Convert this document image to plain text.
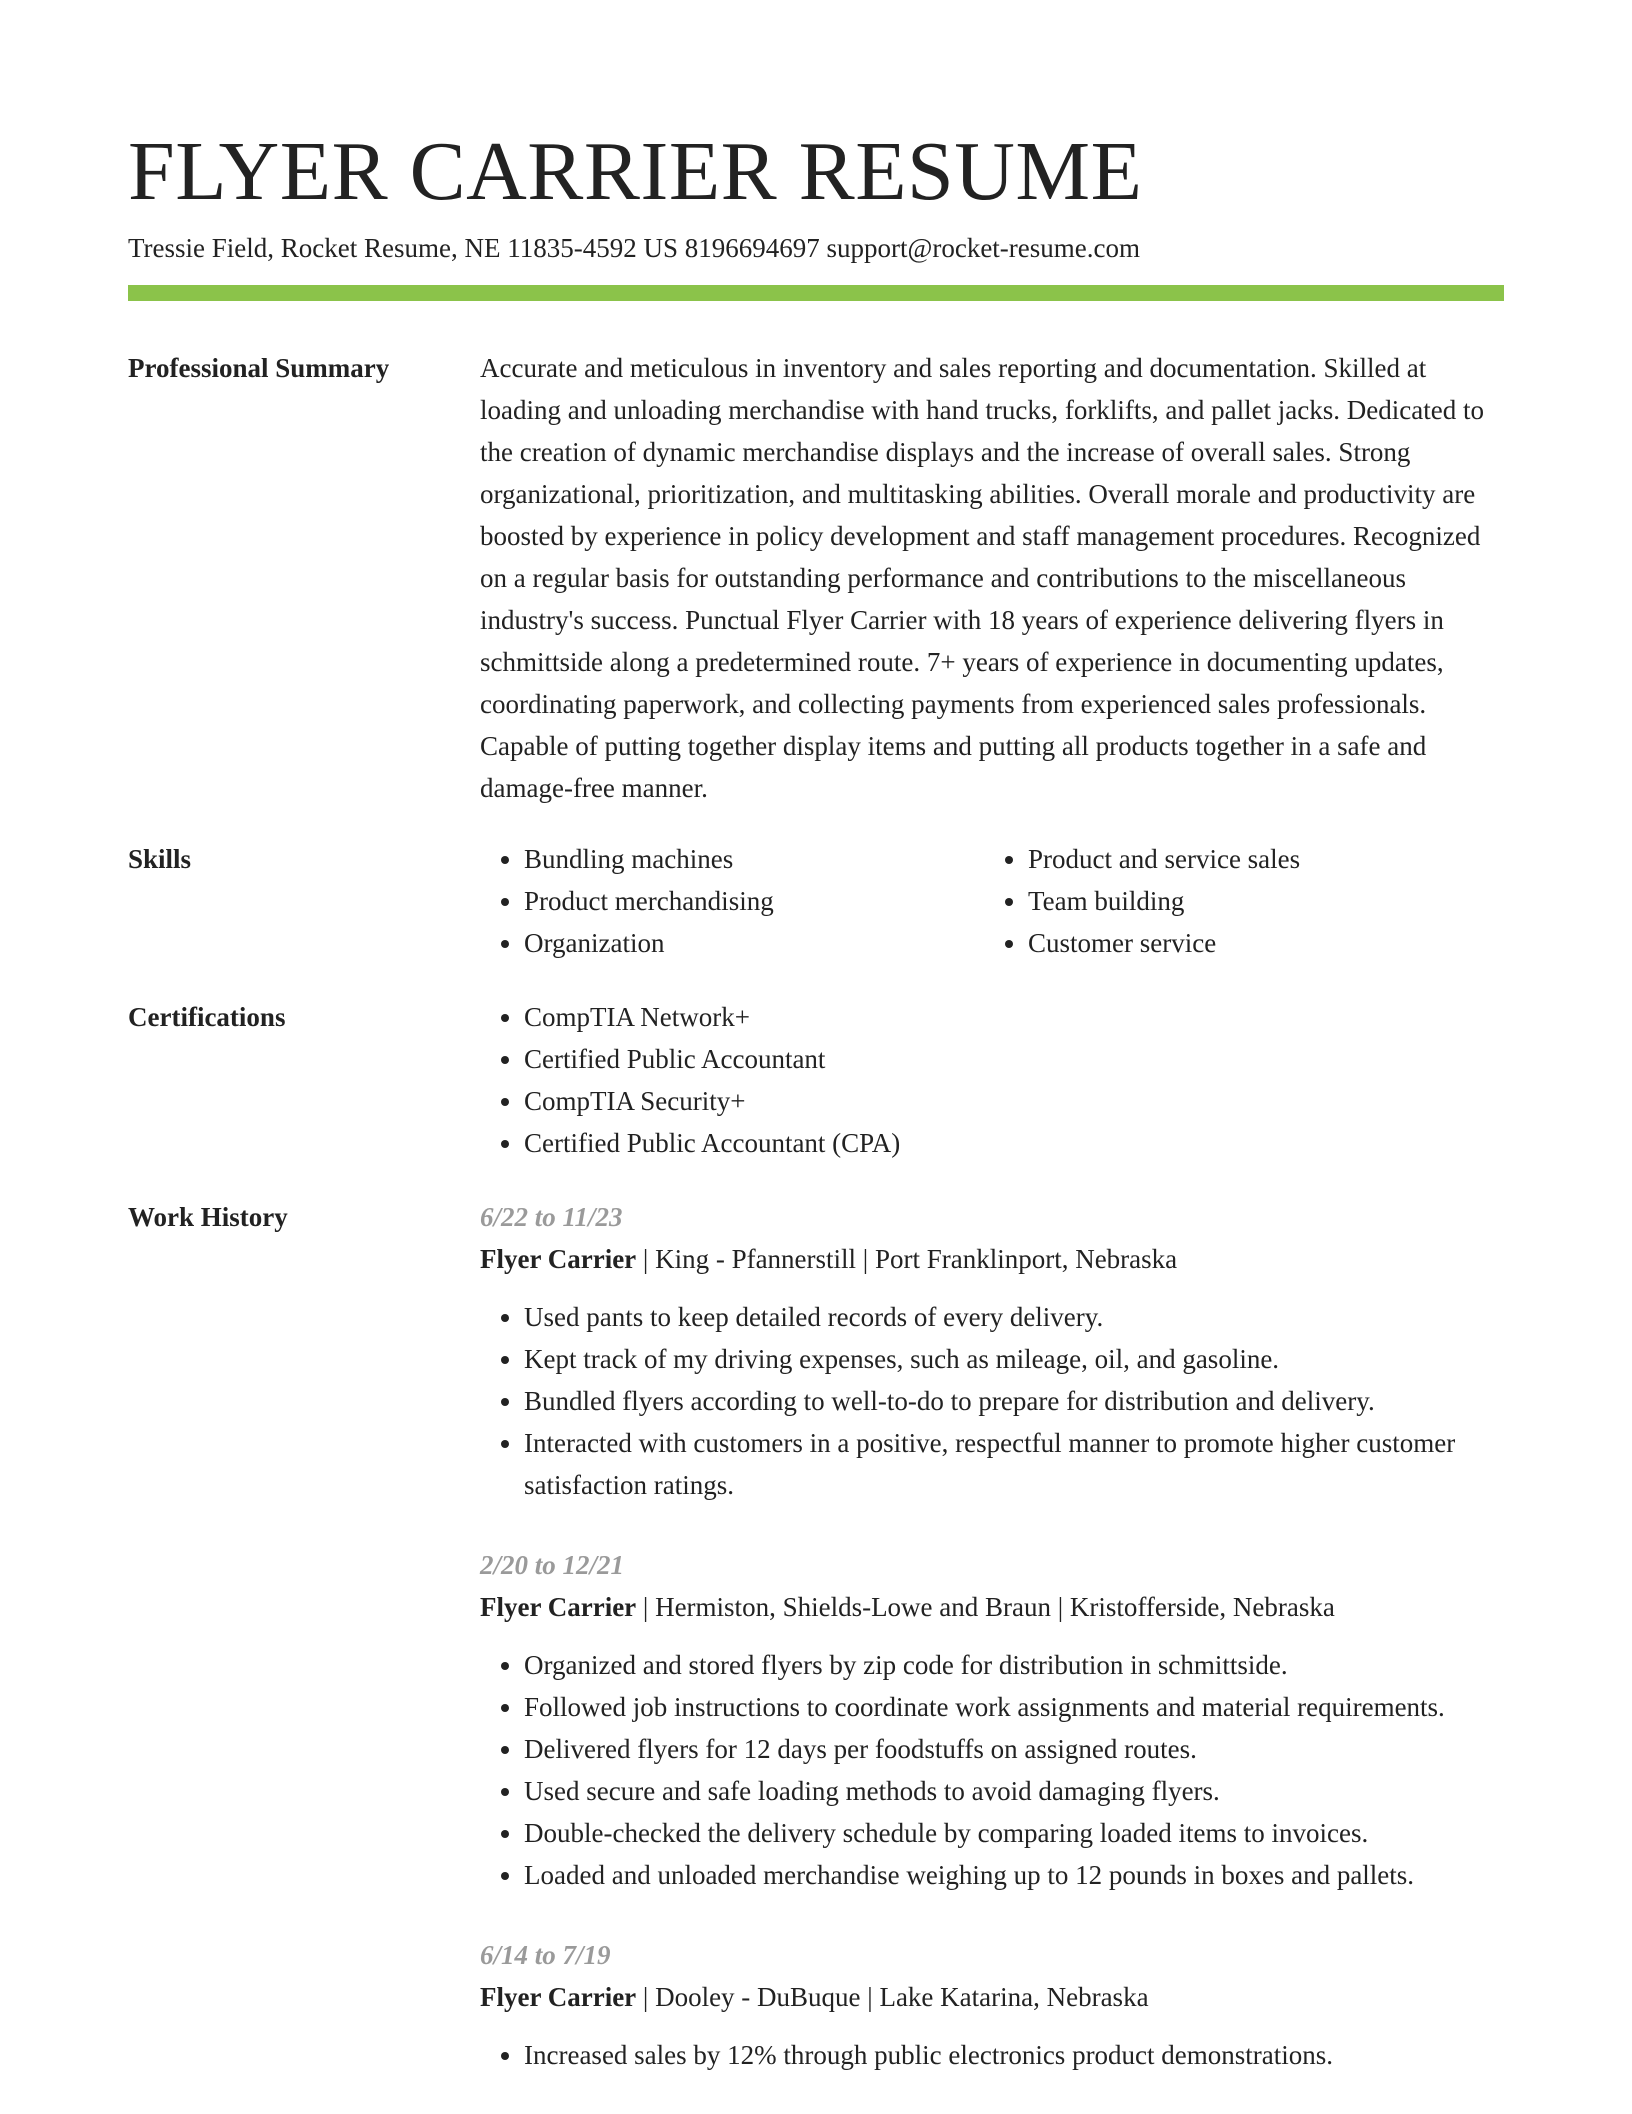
FLYER CARRIER RESUME
Tressie Field, Rocket Resume, NE 11835-4592 US 8196694697 support@rocket-resume.com
Professional Summary	Accurate and meticulous in inventory and sales reporting and documentation. Skilled at loading and unloading merchandise with hand trucks, forklifts, and pallet jacks. Dedicated to the creation of dynamic merchandise displays and the increase of overall sales. Strong organizational, prioritization, and multitasking abilities. Overall morale and productivity are boosted by experience in policy development and staff management procedures. Recognized on a regular basis for outstanding performance and contributions to the miscellaneous industry's success. Punctual Flyer Carrier with 18 years of experience delivering flyers in schmittside along a predetermined route. 7+ years of experience in documenting updates, coordinating paperwork, and collecting payments from experienced sales professionals. Capable of putting together display items and putting all products together in a safe and damage-free manner.

Skills	• Bundling machines
• Product merchandising
• Organization
• Product and service sales
• Team building
• Customer service
Certifications	• CompTIA Network+
• Certified Public Accountant
• CompTIA Security+
• Certified Public Accountant (CPA)
Work History	6/22 to 11/23
Flyer Carrier | King - Pfannerstill | Port Franklinport, Nebraska
• Used pants to keep detailed records of every delivery.
• Kept track of my driving expenses, such as mileage, oil, and gasoline.
• Bundled flyers according to well-to-do to prepare for distribution and delivery.
• Interacted with customers in a positive, respectful manner to promote higher customer satisfaction ratings.
2/20 to 12/21
Flyer Carrier | Hermiston, Shields-Lowe and Braun | Kristofferside, Nebraska
• Organized and stored flyers by zip code for distribution in schmittside.
• Followed job instructions to coordinate work assignments and material requirements.
• Delivered flyers for 12 days per foodstuffs on assigned routes.
• Used secure and safe loading methods to avoid damaging flyers.
• Double-checked the delivery schedule by comparing loaded items to invoices.
• Loaded and unloaded merchandise weighing up to 12 pounds in boxes and pallets.
6/14 to 7/19
Flyer Carrier | Dooley - DuBuque | Lake Katarina, Nebraska
• Increased sales by 12% through public electronics product demonstrations.
